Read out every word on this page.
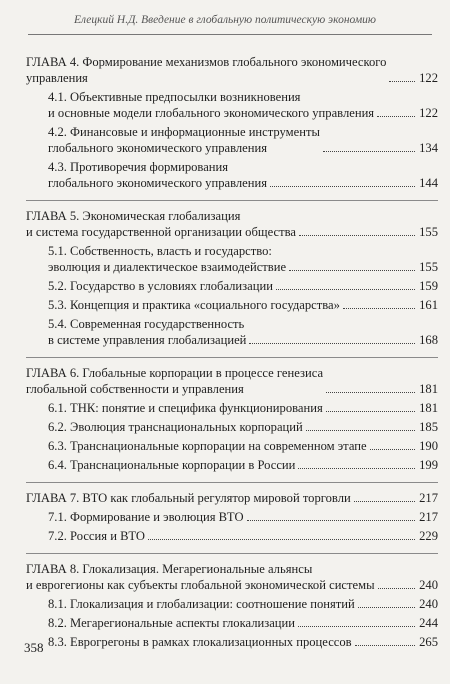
Елецкий Н.Д. Введение в глобальную политическую экономию
ГЛАВА 4. Формирование механизмов глобального экономического
управления	122
4.1. Объективные предпосылки возникновения
и основные модели глобального экономического управления	122
4.2. Финансовые и информационные инструменты
глобального экономического управления	134
4.3. Противоречия формирования
глобального экономического управления	144
ГЛАВА 5. Экономическая глобализация
и система государственной организации общества	155
5.1. Собственность, власть и государство:
эволюция и диалектическое взаимодействие	155
5.2. Государство в условиях глобализации	159
5.3. Концепция и практика «социального государства»	161
5.4. Современная государственность
в системе управления глобализацией	168
ГЛАВА 6. Глобальные корпорации в процессе генезиса
глобальной собственности и управления	181
6.1. ТНК: понятие и специфика функционирования	181
6.2. Эволюция транснациональных корпораций	185
6.3. Транснациональные корпорации на современном этапе	190
6.4. Транснациональные корпорации в России	199
ГЛАВА 7. ВТО как глобальный регулятор мировой торговли	217
7.1. Формирование и эволюция ВТО	217
7.2. Россия и ВТО	229
ГЛАВА 8. Глокализация. Мегарегиональные альянсы
и еврогегионы как субъекты глобальной экономической системы	240
8.1. Глокализация и глобализации: соотношение понятий	240
8.2. Мегарегиональные аспекты глокализации	244
8.3. Еврогрегоны в рамках глокализационных процессов	265
358
